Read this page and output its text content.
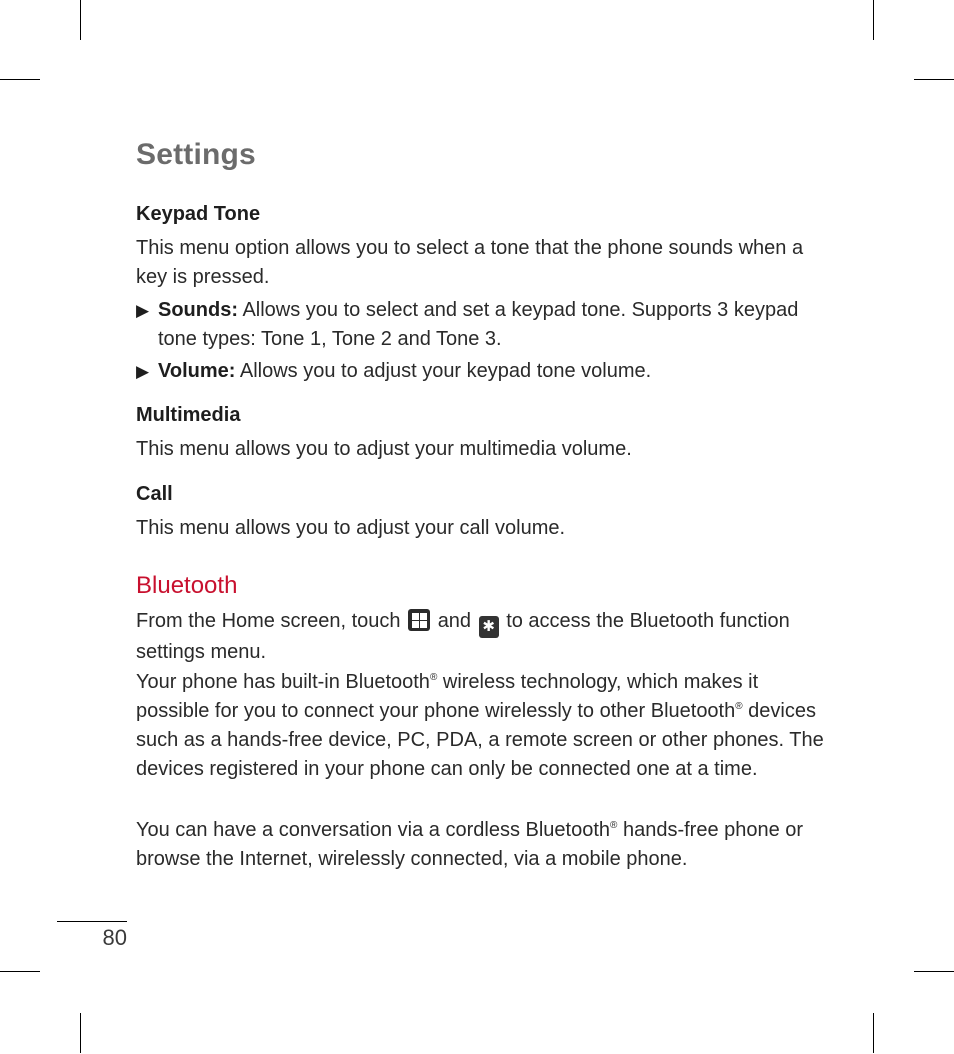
Settings
Keypad Tone
This menu option allows you to select a tone that the phone sounds when a key is pressed.
▶ Sounds: Allows you to select and set a keypad tone. Supports 3 keypad tone types: Tone 1, Tone 2 and Tone 3.
▶ Volume: Allows you to adjust your keypad tone volume.
Multimedia
This menu allows you to adjust your multimedia volume.
Call
This menu allows you to adjust your call volume.
Bluetooth
From the Home screen, touch and ✱ to access the Bluetooth function settings menu.
Your phone has built-in Bluetooth® wireless technology, which makes it possible for you to connect your phone wirelessly to other Bluetooth® devices such as a hands-free device, PC, PDA, a remote screen or other phones. The devices registered in your phone can only be connected one at a time.
You can have a conversation via a cordless Bluetooth® hands-free phone or browse the Internet, wirelessly connected, via a mobile phone.
80
